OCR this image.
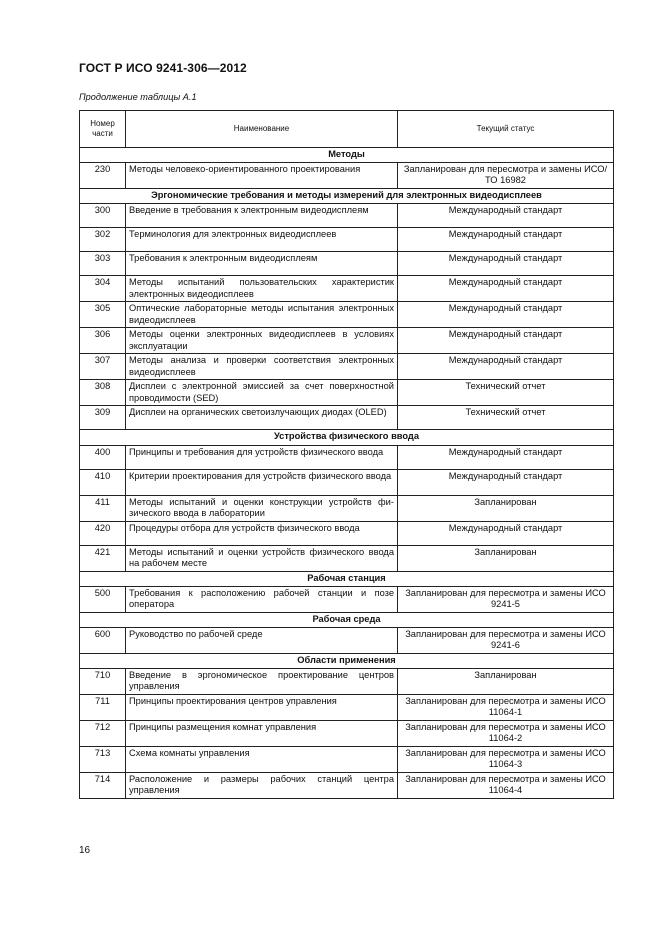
ГОСТ Р ИСО 9241-306—2012
Продолжение таблицы А.1
Номер части	Наименование	Текущий статус
Методы		
230	Методы человеко-ориентированного проектирования	Запланирован для пересмотра и замены ИСО/ТО 16982
Эргономические требования и методы измерений для электронных видеодисплеев		
300	Введение в требования к электронным видеодисплеям	Международный стандарт
302	Терминология для электронных видеодисплеев	Международный стандарт
303	Требования к электронным видеодисплеям	Международный стандарт
304	Методы испытаний пользовательских характеристик электронных видеодисплеев	Международный стандарт
305	Оптические лабораторные методы испытания электронных видеодисплеев	Международный стандарт
306	Методы оценки электронных видеодисплеев в условиях эксплуатации	Международный стандарт
307	Методы анализа и проверки соответствия электронных видеодисплеев	Международный стандарт
308	Дисплеи с электронной эмиссией за счет поверхностной проводимости (SED)	Технический отчет
309	Дисплеи на органических светоизлучающих диодах (OLED)	Технический отчет
Устройства физического ввода		
400	Принципы и требования для устройств физического ввода	Международный стандарт
410	Критерии проектирования для устройств физического ввода	Международный стандарт
411	Методы испытаний и оценки конструкции устройств физического ввода в лаборатории	Запланирован
420	Процедуры отбора для устройств физического ввода	Международный стандарт
421	Методы испытаний и оценки устройств физического ввода на рабочем месте	Запланирован
Рабочая станция		
500	Требования к расположению рабочей станции и позе оператора	Запланирован для пересмотра и замены ИСО 9241-5
Рабочая среда		
600	Руководство по рабочей среде	Запланирован для пересмотра и замены ИСО 9241-6
Области применения		
710	Введение в эргономическое проектирование центров управления	Запланирован
711	Принципы проектирования центров управления	Запланирован для пересмотра и замены ИСО 11064-1
712	Принципы размещения комнат управления	Запланирован для пересмотра и замены ИСО 11064-2
713	Схема комнаты управления	Запланирован для пересмотра и замены ИСО 11064-3
714	Расположение и размеры рабочих станций центра управления	Запланирован для пересмотра и замены ИСО 11064-4
16
